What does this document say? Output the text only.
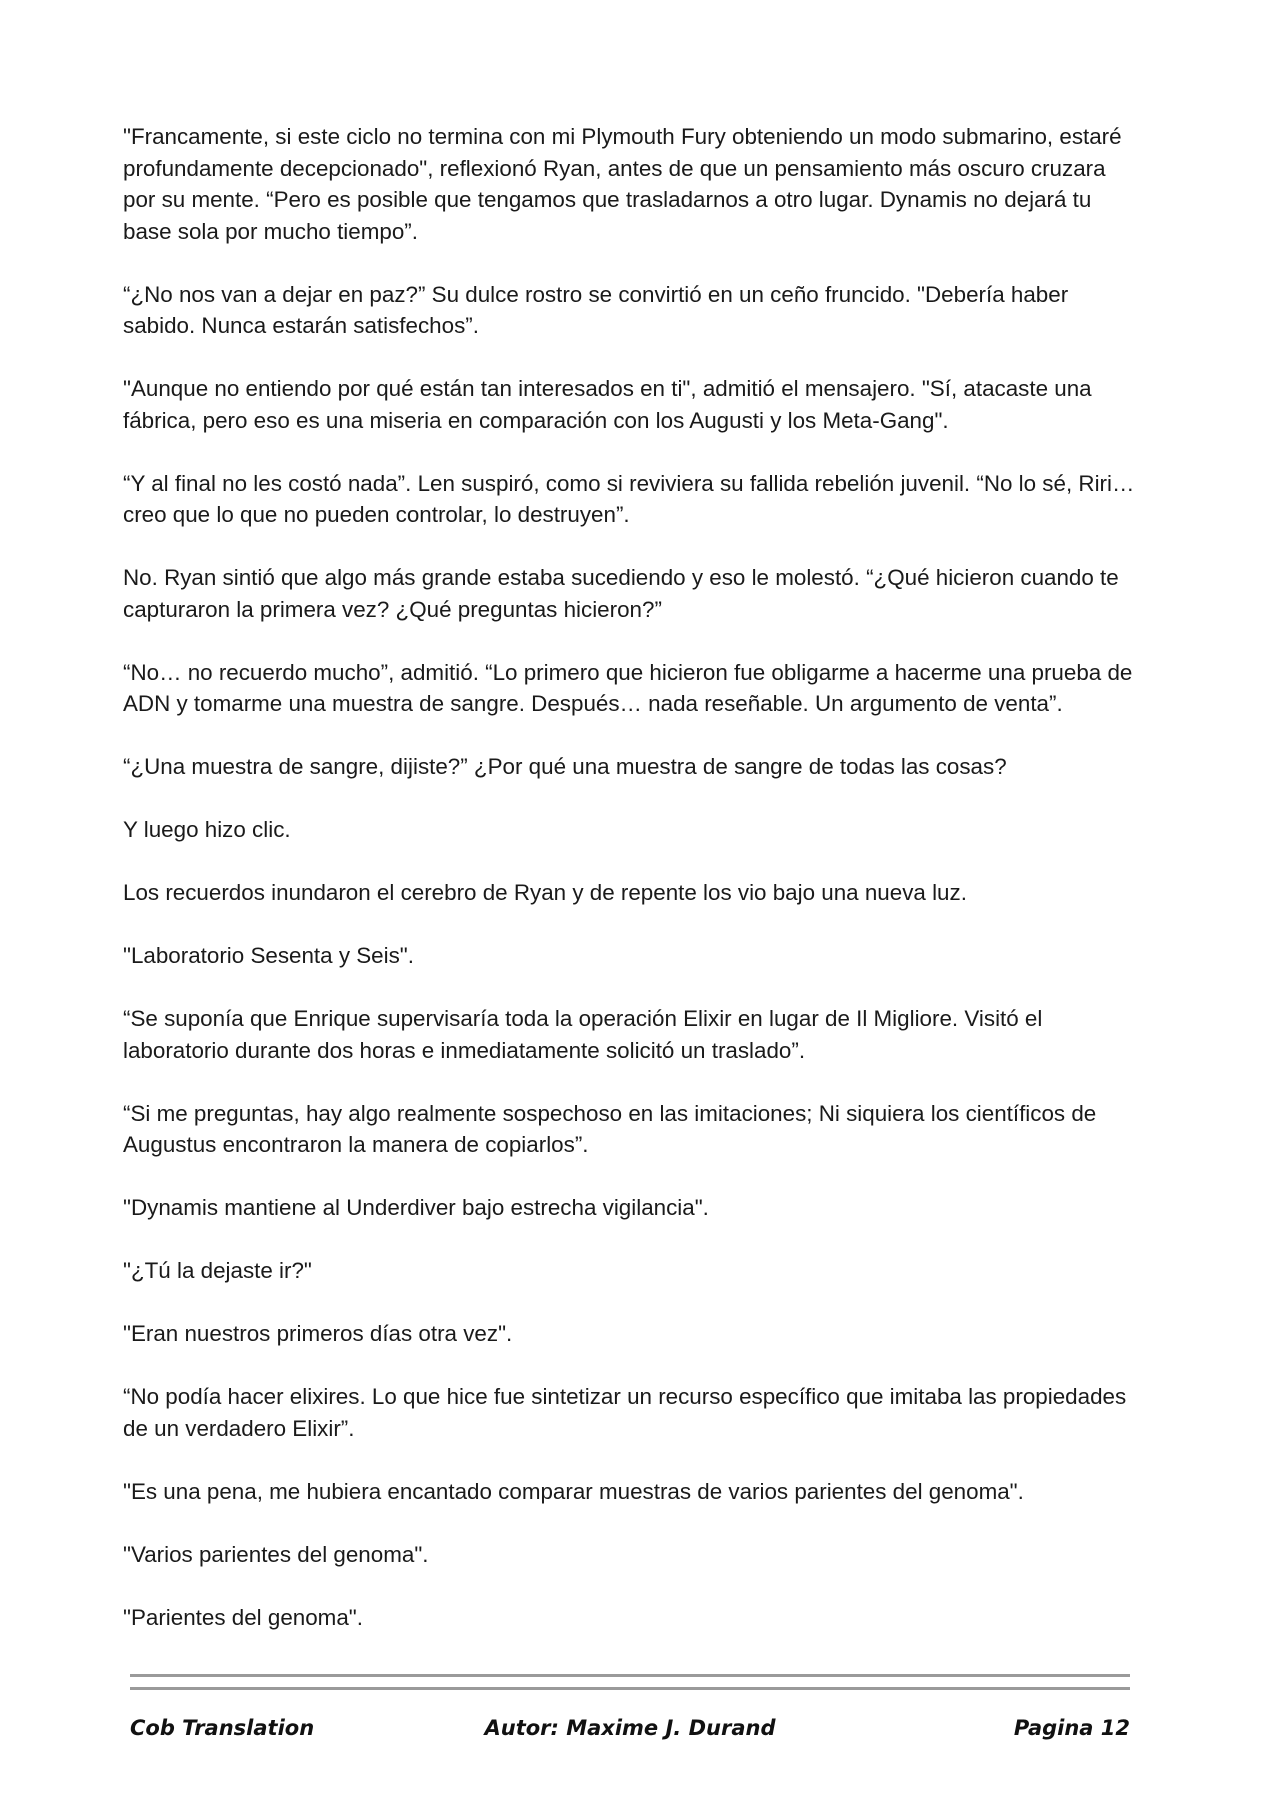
"Francamente, si este ciclo no termina con mi Plymouth Fury obteniendo un modo submarino, estaré profundamente decepcionado", reflexionó Ryan, antes de que un pensamiento más oscuro cruzara por su mente. “Pero es posible que tengamos que trasladarnos a otro lugar. Dynamis no dejará tu base sola por mucho tiempo”.

“¿No nos van a dejar en paz?” Su dulce rostro se convirtió en un ceño fruncido. "Debería haber sabido. Nunca estarán satisfechos”.

"Aunque no entiendo por qué están tan interesados en ti", admitió el mensajero. "Sí, atacaste una fábrica, pero eso es una miseria en comparación con los Augusti y los Meta-Gang".

“Y al final no les costó nada”. Len suspiró, como si reviviera su fallida rebelión juvenil. “No lo sé, Riri… creo que lo que no pueden controlar, lo destruyen”.

No. Ryan sintió que algo más grande estaba sucediendo y eso le molestó. “¿Qué hicieron cuando te capturaron la primera vez? ¿Qué preguntas hicieron?”

“No… no recuerdo mucho”, admitió. “Lo primero que hicieron fue obligarme a hacerme una prueba de ADN y tomarme una muestra de sangre. Después… nada reseñable. Un argumento de venta”.

“¿Una muestra de sangre, dijiste?” ¿Por qué una muestra de sangre de todas las cosas?

Y luego hizo clic.

Los recuerdos inundaron el cerebro de Ryan y de repente los vio bajo una nueva luz.

"Laboratorio Sesenta y Seis".

“Se suponía que Enrique supervisaría toda la operación Elixir en lugar de Il Migliore. Visitó el laboratorio durante dos horas e inmediatamente solicitó un traslado”.

“Si me preguntas, hay algo realmente sospechoso en las imitaciones; Ni siquiera los científicos de Augustus encontraron la manera de copiarlos”.

"Dynamis mantiene al Underdiver bajo estrecha vigilancia".

"¿Tú la dejaste ir?"

"Eran nuestros primeros días otra vez".

“No podía hacer elixires. Lo que hice fue sintetizar un recurso específico que imitaba las propiedades de un verdadero Elixir”.

"Es una pena, me hubiera encantado comparar muestras de varios parientes del genoma".

"Varios parientes del genoma".

"Parientes del genoma".

Cob Translation	Autor: Maxime J. Durand	Pagina 12
